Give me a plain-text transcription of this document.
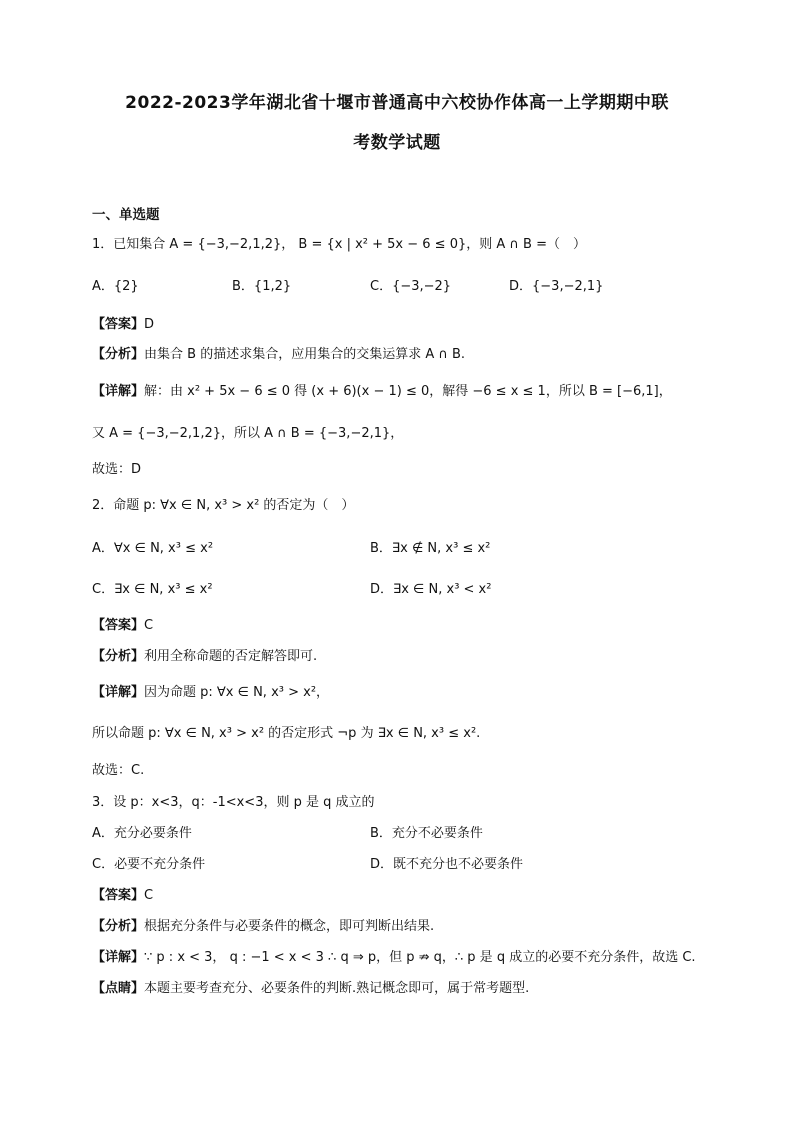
2022-2023学年湖北省十堰市普通高中六校协作体高一上学期期中联
考数学试题
一、单选题
1．已知集合 A = {−3,−2,1,2}， B = {x | x² + 5x − 6 ≤ 0}，则 A ∩ B =（　）
A．{2}	B．{1,2}	C．{−3,−2}	D．{−3,−2,1}
【答案】D
【分析】由集合 B 的描述求集合，应用集合的交集运算求 A ∩ B.
【详解】解：由 x² + 5x − 6 ≤ 0 得 (x + 6)(x − 1) ≤ 0，解得 −6 ≤ x ≤ 1，所以 B = [−6,1]，
又 A = {−3,−2,1,2}，所以 A ∩ B = {−3,−2,1}，
故选：D
2．命题 p: ∀x ∈ N, x³ > x² 的否定为（　）
A．∀x ∈ N, x³ ≤ x²	B．∃x ∉ N, x³ ≤ x²
C．∃x ∈ N, x³ ≤ x²	D．∃x ∈ N, x³ < x²
【答案】C
【分析】利用全称命题的否定解答即可.
【详解】因为命题 p: ∀x ∈ N, x³ > x²，
所以命题 p: ∀x ∈ N, x³ > x² 的否定形式 ¬p 为 ∃x ∈ N, x³ ≤ x².
故选：C.
3．设 p：x<3，q：-1<x<3，则 p 是 q 成立的
A．充分必要条件	B．充分不必要条件
C．必要不充分条件	D．既不充分也不必要条件
【答案】C
【分析】根据充分条件与必要条件的概念，即可判断出结果.
【详解】∵ p : x < 3， q : −1 < x < 3 ∴ q ⇒ p，但 p ⇏ q，∴ p 是 q 成立的必要不充分条件，故选 C.
【点睛】本题主要考查充分、必要条件的判断.熟记概念即可，属于常考题型.
